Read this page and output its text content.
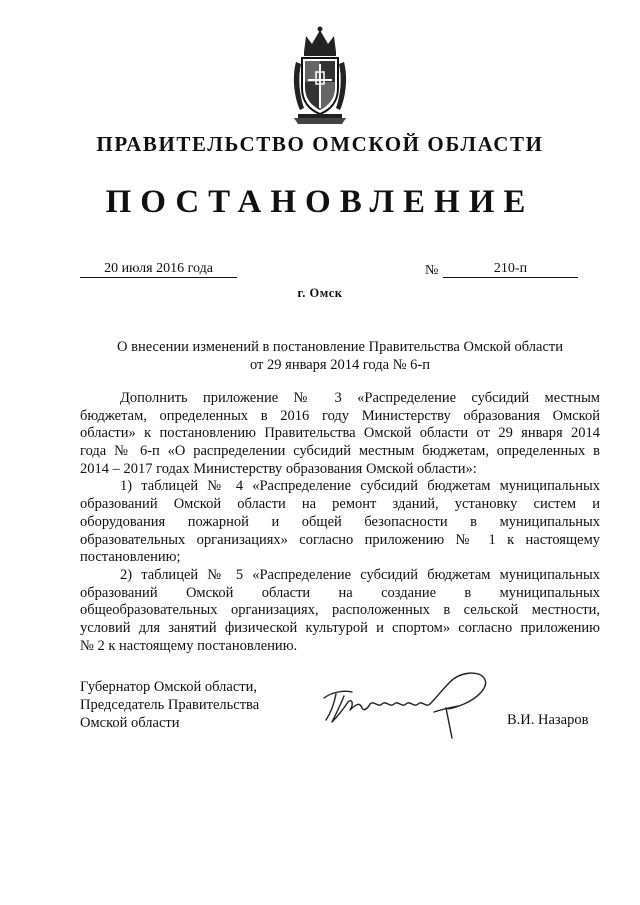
ПРАВИТЕЛЬСТВО ОМСКОЙ ОБЛАСТИ
ПОСТАНОВЛЕНИЕ
20 июля 2016 года	№	210-п
г. Омск
О внесении изменений в постановление Правительства Омской области
от 29 января 2014 года № 6-п
Дополнить приложение № 3 «Распределение субсидий местным
бюджетам, определенных в 2016 году Министерству образования Омской
области» к постановлению Правительства Омской области от 29 января 2014
года № 6-п «О распределении субсидий местным бюджетам, определенных в
2014 – 2017 годах Министерству образования Омской области»:
1) таблицей № 4 «Распределение субсидий бюджетам муниципальных
образований Омской области на ремонт зданий, установку систем и
оборудования пожарной и общей безопасности в муниципальных
образовательных организациях» согласно приложению № 1 к настоящему
постановлению;
2) таблицей № 5 «Распределение субсидий бюджетам муниципальных
образований Омской области на создание в муниципальных
общеобразовательных организациях, расположенных в сельской местности,
условий для занятий физической культурой и спортом» согласно приложению
№ 2 к настоящему постановлению.
Губернатор Омской области,
Председатель Правительства
Омской области	В.И. Назаров
